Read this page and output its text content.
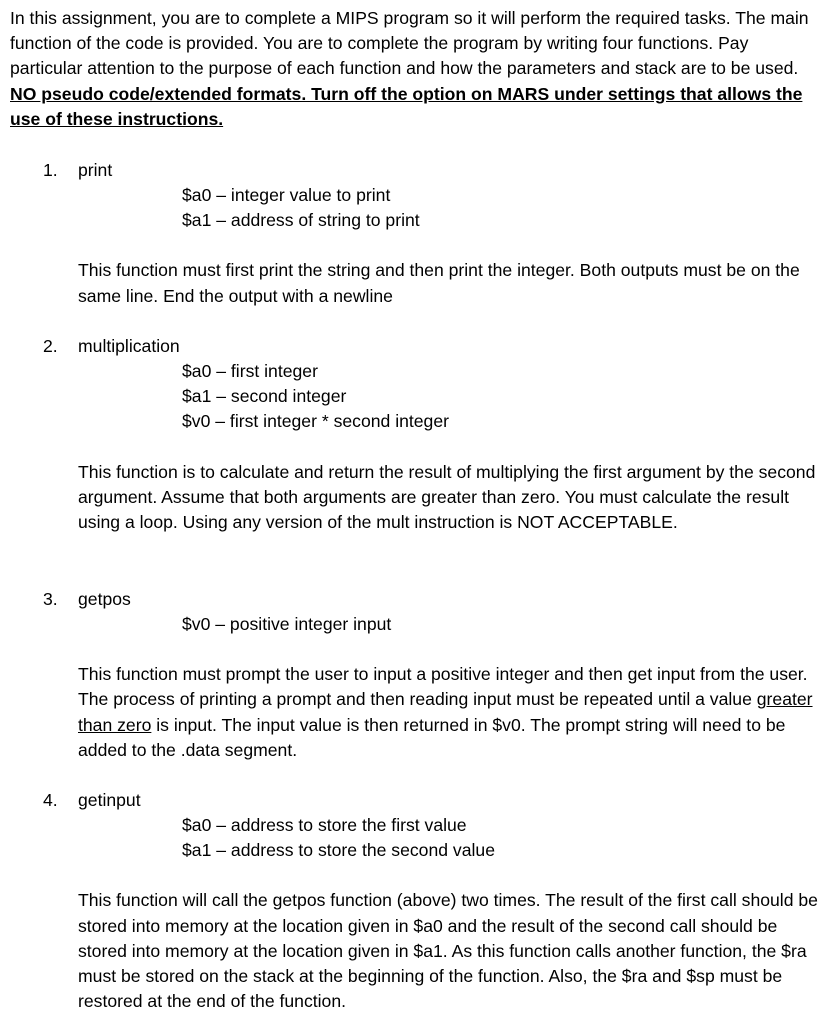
In this assignment, you are to complete a MIPS program so it will perform the required tasks. The main function of the code is provided. You are to complete the program by writing four functions. Pay particular attention to the purpose of each function and how the parameters and stack are to be used. NO pseudo code/extended formats. Turn off the option on MARS under settings that allows the use of these instructions.

1. print
$a0 – integer value to print
$a1 – address of string to print

This function must first print the string and then print the integer. Both outputs must be on the same line. End the output with a newline

2. multiplication
$a0 – first integer
$a1 – second integer
$v0 – first integer * second integer

This function is to calculate and return the result of multiplying the first argument by the second argument. Assume that both arguments are greater than zero. You must calculate the result using a loop. Using any version of the mult instruction is NOT ACCEPTABLE.

3. getpos
$v0 – positive integer input

This function must prompt the user to input a positive integer and then get input from the user. The process of printing a prompt and then reading input must be repeated until a value greater than zero is input. The input value is then returned in $v0. The prompt string will need to be added to the .data segment.

4. getinput
$a0 – address to store the first value
$a1 – address to store the second value

This function will call the getpos function (above) two times. The result of the first call should be stored into memory at the location given in $a0 and the result of the second call should be stored into memory at the location given in $a1. As this function calls another function, the $ra must be stored on the stack at the beginning of the function. Also, the $ra and $sp must be restored at the end of the function.
